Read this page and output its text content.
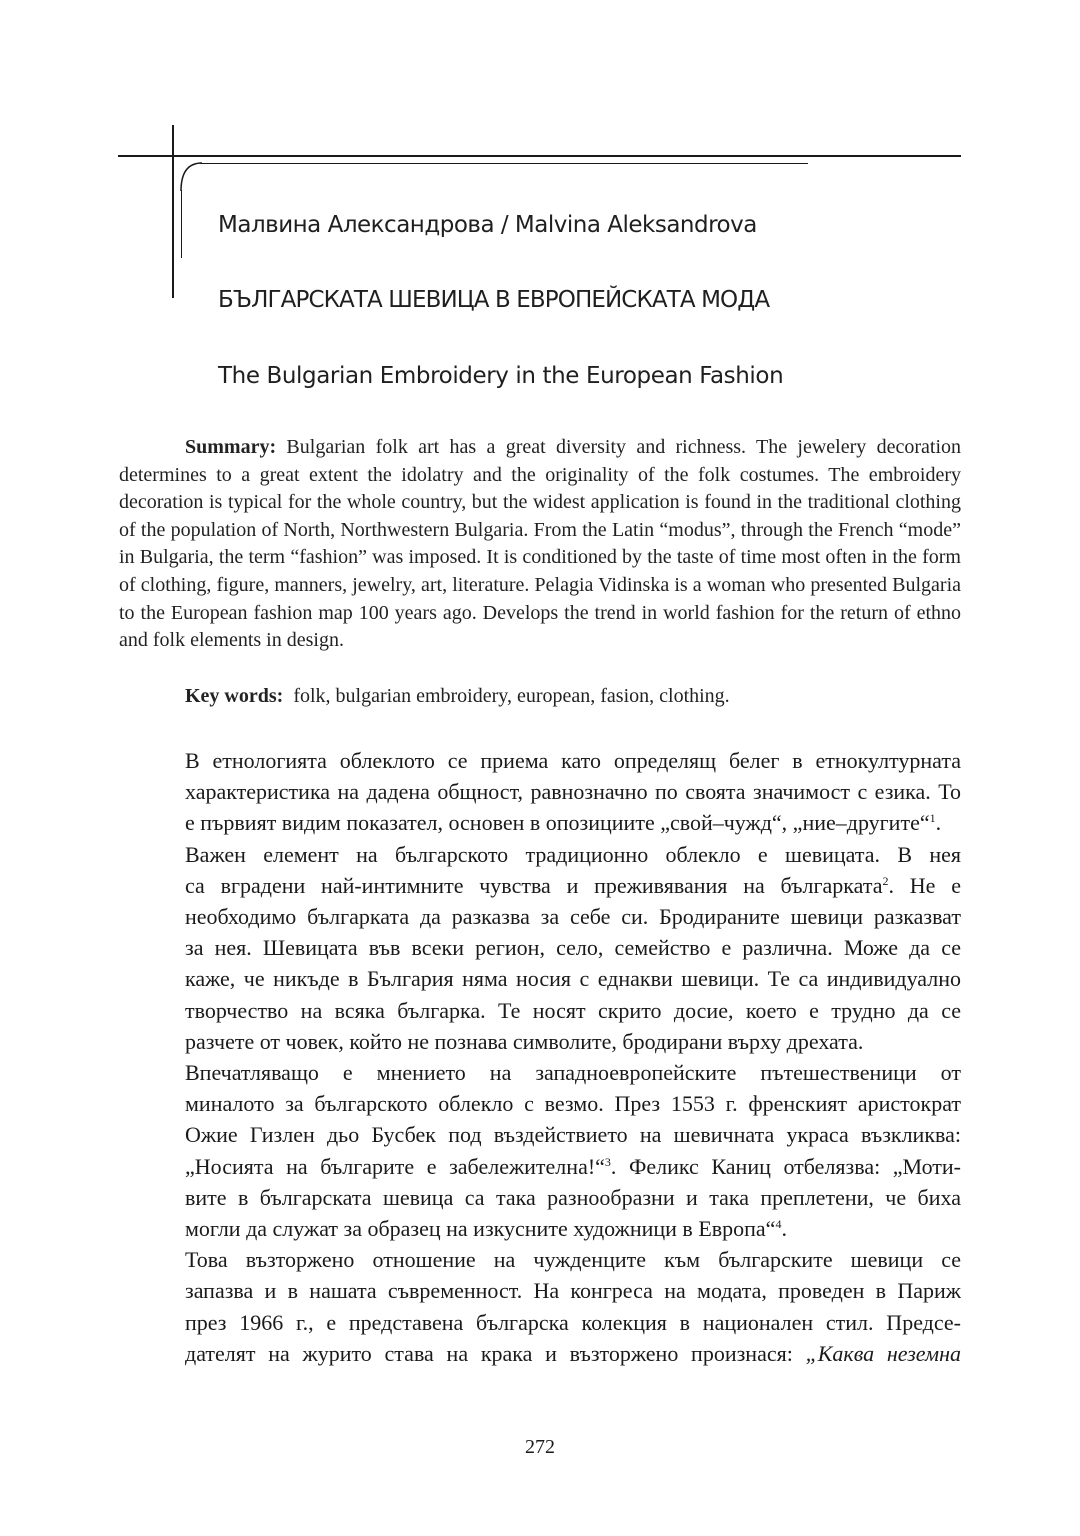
Малвина Александрова / Malvina Aleksandrova
БЪЛГАРСКАТА ШЕВИЦА В ЕВРОПЕЙСКАТА МОДА
The Bulgarian Embroidery in the European Fashion
Summary: Bulgarian folk art has a great diversity and richness. The jewelery decoration determines to a great extent the idolatry and the originality of the folk costumes. The embroidery decoration is typical for the whole country, but the widest application is found in the traditional clothing of the population of North, Northwestern Bulgaria. From the Latin “modus”, through the French “mode” in Bulgaria, the term “fashion” was imposed. It is conditioned by the taste of time most often in the form of clothing, figure, manners, jewelry, art, literature. Pelagia Vidinska is a woman who presented Bulgaria to the European fashion map 100 years ago. Develops the trend in world fashion for the return of ethno and folk elements in design.
Key words:  folk, bulgarian embroidery, european, fasion, clothing.

В етнологията облеклото се приема като определящ белег в етнокултурната
характеристика на дадена общност, равнозначно по своята значимост с езика. То
е първият видим показател, основен в опозициите „свой–чужд“, „ние–другите“$^1$.

Важен елемент на българското традиционно облекло е шевицата. В нея
са вградени най-интимните чувства и преживявания на българката$^2$. Не е
необходимо българката да разказва за себе си. Бродираните шевици разказват
за нея. Шевицата във всеки регион, село, семейство е различна. Може да се
каже, че никъде в България няма носия с еднакви шевици. Те са индивидуално
творчество на всяка българка. Те носят скрито досие, което е трудно да се
разчете от човек, който не познава символите, бродирани върху дрехата.

Впечатляващо е мнението на западноевропейските пътешественици от
миналото за българското облекло с везмо. През 1553 г. френският аристократ
Ожие Гизлен дьо Бусбек под въздействието на шевичната украса възкликва:
„Носията на българите е забележителна!“$^3$. Феликс Каниц отбелязва: „Моти-
вите в българската шевица са така разнообразни и така преплетени, че биха
могли да служат за образец на изкусните художници в Европа“$^4$.

Това възторжено отношение на чужденците към българските шевици се
запазва и в нашата съвременност. На конгреса на модата, проведен в Париж
през 1966 г., е представена българска колекция в национален стил. Предсе-
дателят на журито става на крака и възторжено произнася: „Каква неземна

272
